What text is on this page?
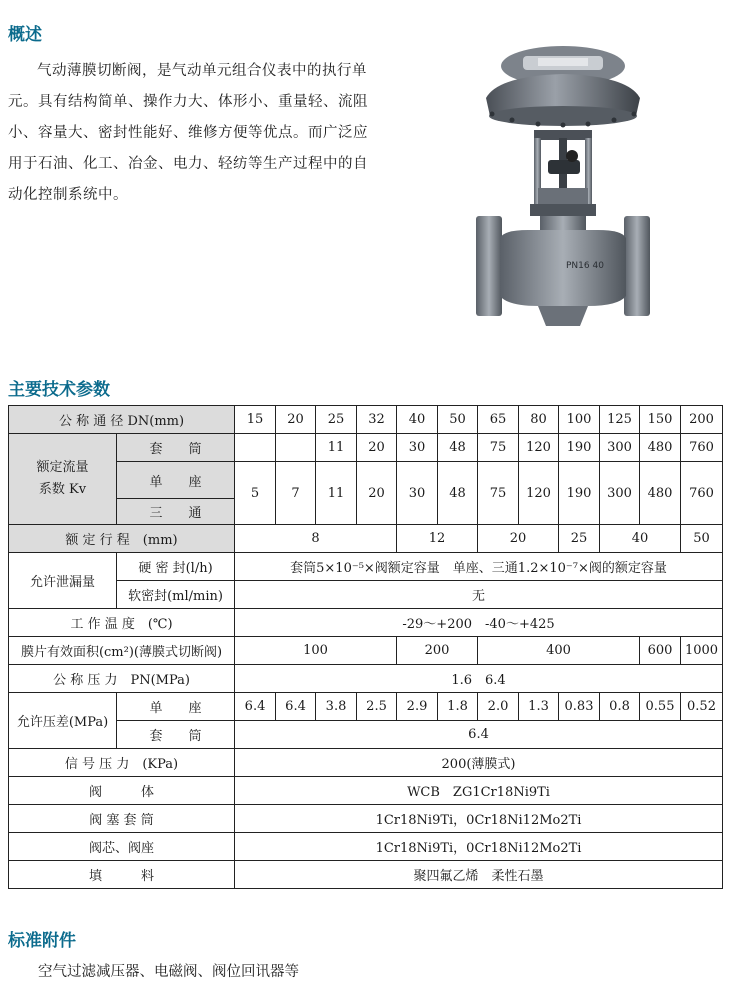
概述

气动薄膜切断阀，是气动单元组合仪表中的执行单

元。具有结构简单、操作力大、体形小、重量轻、流阻
小、容量大、密封性能好、维修方便等优点。而广泛应
用于石油、化工、冶金、电力、轻纺等生产过程中的自
动化控制系统中。
PN16 40
主要技术参数
公 称 通 径 DN(mm)		15	20	25	32	40	50	65	80	100	125	150	200
额定流量
系数 Kv	套　　筒			11	20	30	48	75	120	190	300	480	760
	单　　座	5	7	11	20	30	48	75	120	190	300	480	760
	三　　通												
额 定 行 程　(mm)		8				12		20		25	40		50
允许泄漏量	硬 密 封(l/h)	套筒5×10⁻⁵×阀额定容量　单座、三通1.2×10⁻⁷×阀的额定容量											
	软密封(ml/min)	无											
工 作 温 度　(℃)		-29～+200　-40～+425											
膜片有效面积(cm²)(薄膜式切断阀)		100				200		400				600	1000
公 称 压 力　PN(MPa)		1.6　6.4											
允许压差(MPa)	单　　座	6.4	6.4	3.8	2.5	2.9	1.8	2.0	1.3	0.83	0.8	0.55	0.52
	套　　筒	6.4											
信 号 压 力　(KPa)		200(薄膜式)											
阀　　　体		WCB　ZG1Cr18Ni9Ti											
阀 塞 套 筒		1Cr18Ni9Ti，0Cr18Ni12Mo2Ti											
阀芯、阀座		1Cr18Ni9Ti，0Cr18Ni12Mo2Ti											
填　　　料		聚四氟乙烯　柔性石墨											
标准附件
空气过滤减压器、电磁阀、阀位回讯器等
